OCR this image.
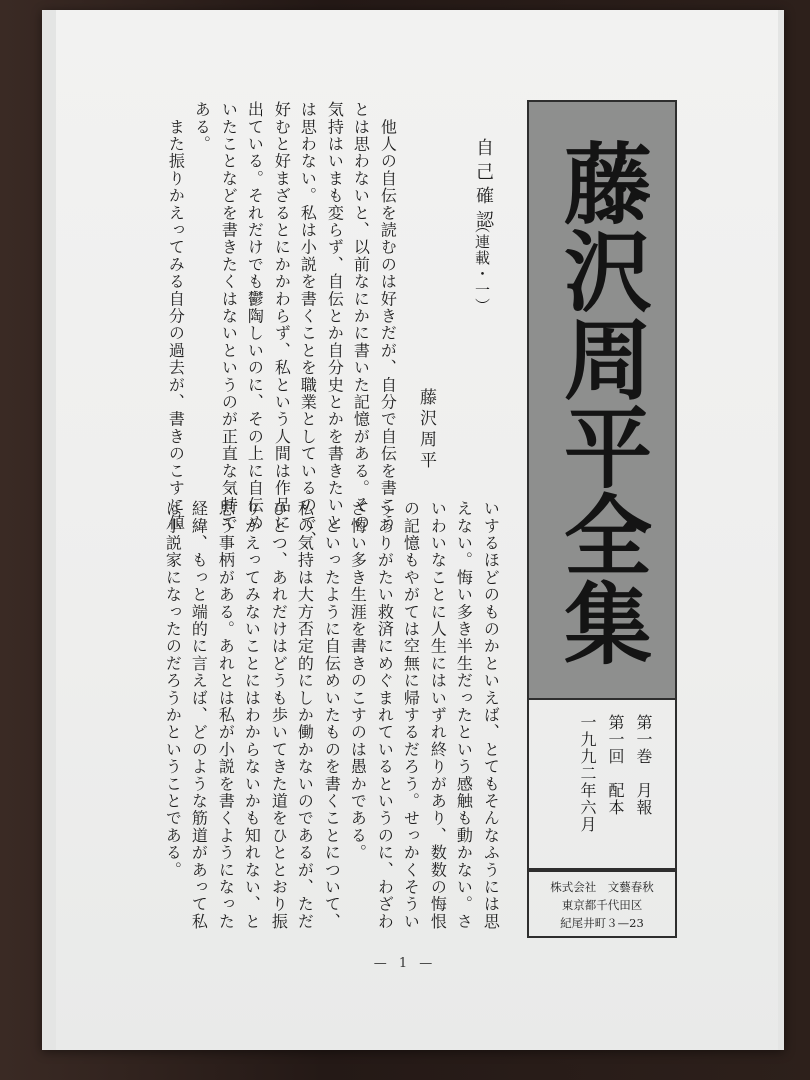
藤沢周平全集
第一巻　月報
第一回　配本
一九九二年六月
株式会社　文藝春秋
東京都千代田区
紀尾井町３—23
自己確認
（連載・一）
藤沢周平
　他人の自伝を読むのは好きだが、自分で自伝を書こう
とは思わないと、以前なにかに書いた記憶がある。その
気持はいまも変らず、自伝とか自分史とかを書きたいと
は思わない。私は小説を書くことを職業としているので、
好むと好まざるとにかかわらず、私という人間は作品に
出ている。それだけでも鬱陶しいのに、その上に自伝め
いたことなどを書きたくはないというのが正直な気持で
ある。
　また振りかえってみる自分の過去が、書きのこすに値
いするほどのものかといえば、とてもそんなふうには思
えない。悔い多き半生だったという感触も動かない。さ
いわいなことに人生にはいずれ終りがあり、数数の悔恨
の記憶もやがては空無に帰するだろう。せっかくそうい
うありがたい救済にめぐまれているというのに、わざわ
ざ悔い多き生涯を書きのこすのは愚かである。
　といったように自伝めいたものを書くことについて、
私の気持は大方否定的にしか働かないのであるが、ただ
ひとつ、あれだけはどうも歩いてきた道をひととおり振
りかえってみないことにはわからないかも知れない、と
思う事柄がある。あれとは私が小説を書くようになった
経緯、もっと端的に言えば、どのような筋道があって私
は小説家になったのだろうかということである。
— 1 —
